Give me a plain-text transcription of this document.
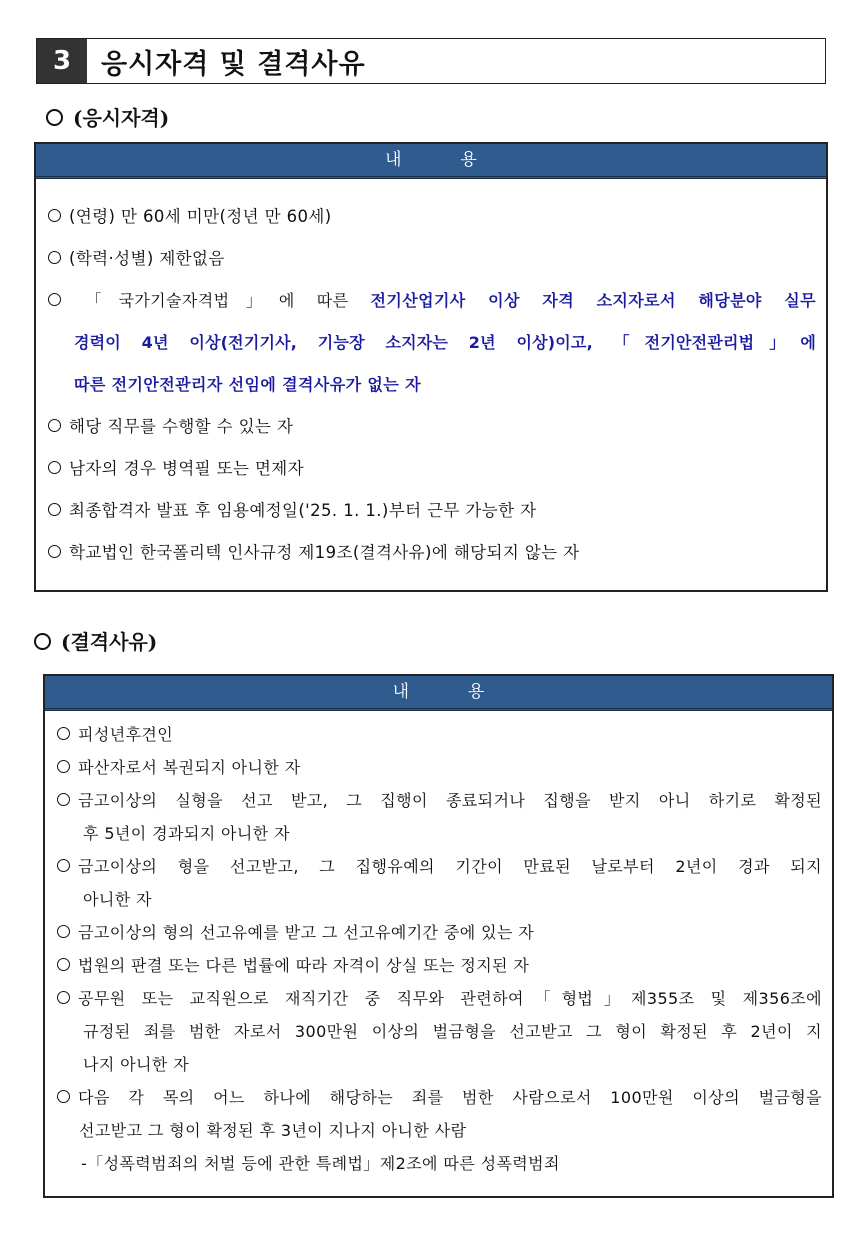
3	응시자격 및 결격사유
(응시자격)
내	용
(연령) 만 60세 미만(정년 만 60세)
(학력·성별) 제한없음
「국가기술자격법」에 따른 전기산업기사 이상 자격 소지자로서 해당분야 실무
경력이 4년 이상(전기기사, 기능장 소지자는 2년 이상)이고, 「전기안전관리법」에
따른 전기안전관리자 선임에 결격사유가 없는 자
해당 직무를 수행할 수 있는 자
남자의 경우 병역필 또는 면제자
최종합격자 발표 후 임용예정일('25. 1. 1.)부터 근무 가능한 자
학교법인 한국폴리텍 인사규정 제19조(결격사유)에 해당되지 않는 자
(결격사유)
내	용
피성년후견인
파산자로서 복권되지 아니한 자
금고이상의 실형을 선고 받고, 그 집행이 종료되거나 집행을 받지 아니 하기로 확정된
후 5년이 경과되지 아니한 자
금고이상의 형을 선고받고, 그 집행유예의 기간이 만료된 날로부터 2년이 경과 되지
아니한 자
금고이상의 형의 선고유예를 받고 그 선고유예기간 중에 있는 자
법원의 판결 또는 다른 법률에 따라 자격이 상실 또는 정지된 자
공무원 또는 교직원으로 재직기간 중 직무와 관련하여「형법」제355조 및 제356조에
규정된 죄를 범한 자로서 300만원 이상의 벌금형을 선고받고 그 형이 확정된 후 2년이 지
나지 아니한 자
다음 각 목의 어느 하나에 해당하는 죄를 범한 사람으로서 100만원 이상의 벌금형을
선고받고 그 형이 확정된 후 3년이 지나지 아니한 사람
-「성폭력범죄의 처벌 등에 관한 특례법」제2조에 따른 성폭력범죄
